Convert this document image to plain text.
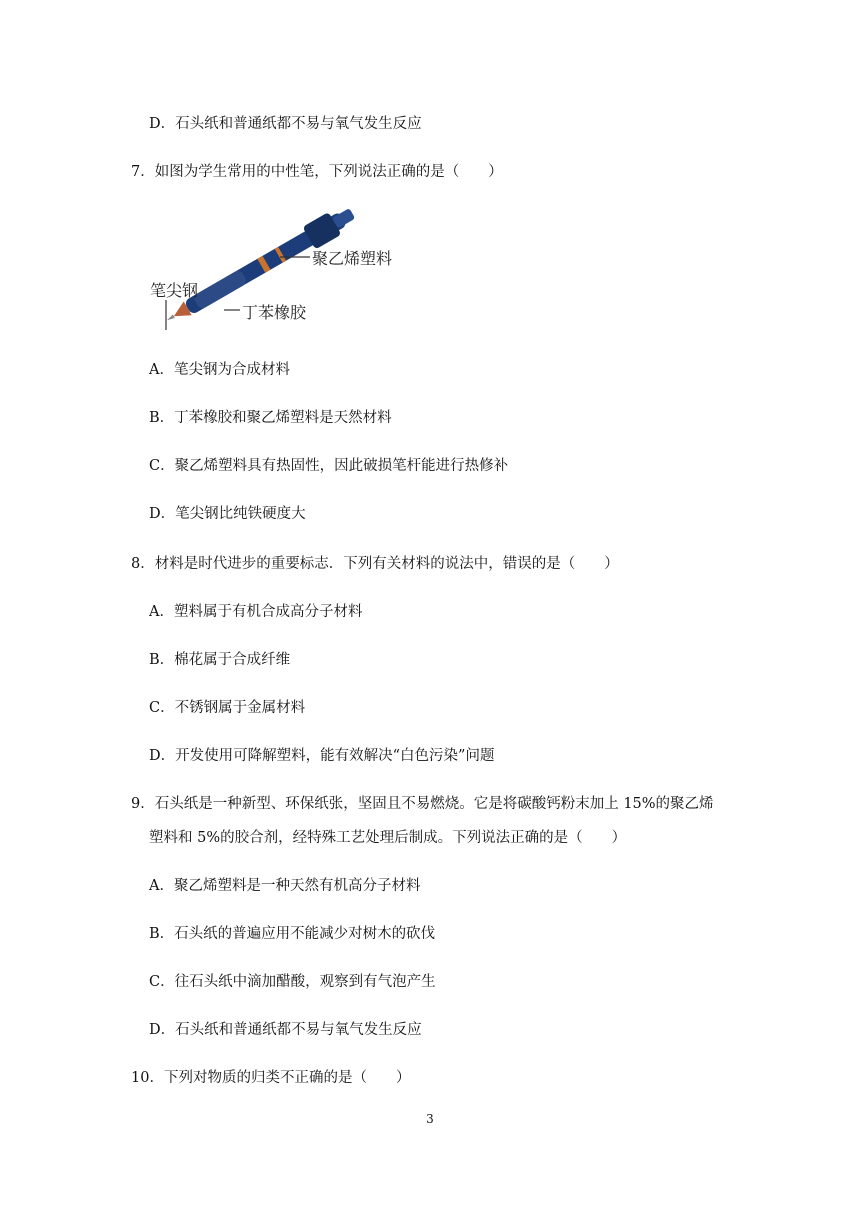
D．石头纸和普通纸都不易与氧气发生反应
7．如图为学生常用的中性笔，下列说法正确的是（　　）
笔尖钢
丁苯橡胶
聚乙烯塑料
A．笔尖钢为合成材料
B．丁苯橡胶和聚乙烯塑料是天然材料
C．聚乙烯塑料具有热固性，因此破损笔杆能进行热修补
D．笔尖钢比纯铁硬度大
8．材料是时代进步的重要标志．下列有关材料的说法中，错误的是（　　）
A．塑料属于有机合成高分子材料
B．棉花属于合成纤维
C．不锈钢属于金属材料
D．开发使用可降解塑料，能有效解决“白色污染”问题
9．石头纸是一种新型、环保纸张，坚固且不易燃烧。它是将碳酸钙粉末加上 15%的聚乙烯
塑料和 5%的胶合剂，经特殊工艺处理后制成。下列说法正确的是（　　）
A．聚乙烯塑料是一种天然有机高分子材料
B．石头纸的普遍应用不能减少对树木的砍伐
C．往石头纸中滴加醋酸，观察到有气泡产生
D．石头纸和普通纸都不易与氧气发生反应
10．下列对物质的归类不正确的是（　　）
3
